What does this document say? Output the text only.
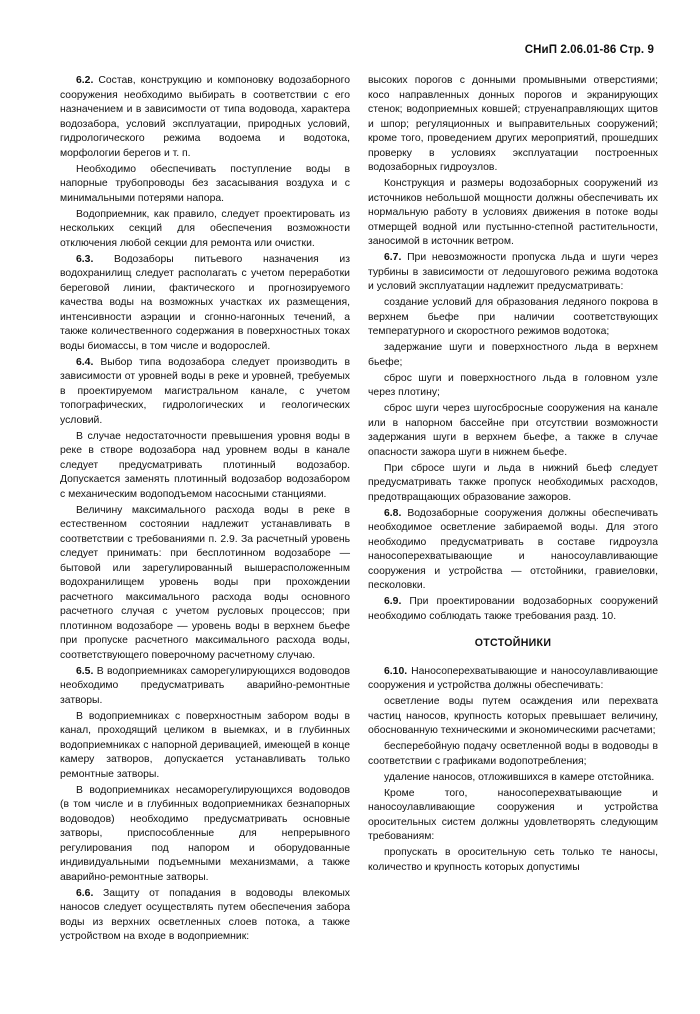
СНиП 2.06.01-86 Стр. 9

6.2. Состав, конструкцию и компоновку водозаборного сооружения необходимо выбирать в соответствии с его назначением и в зависимости от типа водовода, характера водозабора, условий эксплуатации, природных условий, гидрологического режима водоема и водотока, морфологии берегов и т. п.

Необходимо обеспечивать поступление воды в напорные трубопроводы без засасывания воздуха и с минимальными потерями напора.

Водоприемник, как правило, следует проектировать из нескольких секций для обеспечения возможности отключения любой секции для ремонта или очистки.

6.3. Водозаборы питьевого назначения из водохранилищ следует располагать с учетом переработки береговой линии, фактического и прогнозируемого качества воды на возможных участках их размещения, интенсивности аэрации и сгонно-нагонных течений, а также количественного содержания в поверхностных токах воды биомассы, в том числе и водорослей.

6.4. Выбор типа водозабора следует производить в зависимости от уровней воды в реке и уровней, требуемых в проектируемом магистральном канале, с учетом топографических, гидрологических и геологических условий.

В случае недостаточности превышения уровня воды в реке в створе водозабора над уровнем воды в канале следует предусматривать плотинный водозабор. Допускается заменять плотинный водозабор водозабором с механическим водоподъемом насосными станциями.

Величину максимального расхода воды в реке в естественном состоянии надлежит устанавливать в соответствии с требованиями п. 2.9. За расчетный уровень следует принимать: при бесплотинном водозаборе — бытовой или зарегулированный вышерасположенным водохранилищем уровень воды при прохождении расчетного максимального расхода воды основного расчетного случая с учетом русловых процессов; при плотинном водозаборе — уровень воды в верхнем бьефе при пропуске расчетного максимального расхода воды, соответствующего поверочному расчетному случаю.

6.5. В водоприемниках саморегулирующихся водоводов необходимо предусматривать аварийно-ремонтные затворы.

В водоприемниках с поверхностным забором воды в канал, проходящий целиком в выемках, и в глубинных водоприемниках с напорной деривацией, имеющей в конце камеру затворов, допускается устанавливать только ремонтные затворы.

В водоприемниках несаморегулирующихся водоводов (в том числе и в глубинных водоприемниках безнапорных водоводов) необходимо предусматривать основные затворы, приспособленные для непрерывного регулирования под напором и оборудованные индивидуальными подъемными механизмами, а также аварийно-ремонтные затворы.

6.6. Защиту от попадания в водоводы влекомых наносов следует осуществлять путем обеспечения забора воды из верхних осветленных слоев потока, а также устройством на входе в водоприемник:

высоких порогов с донными промывными отверстиями; косо направленных донных порогов и экранирующих стенок; водоприемных ковшей; струенаправляющих щитов и шпор; регуляционных и выправительных сооружений; кроме того, проведением других мероприятий, прошедших проверку в условиях эксплуатации построенных водозаборных гидроузлов.

Конструкция и размеры водозаборных сооружений из источников небольшой мощности должны обеспечивать их нормальную работу в условиях движения в потоке воды отмерщей водной или пустынно-степной растительности, заносимой в источник ветром.

6.7. При невозможности пропуска льда и шуги через турбины в зависимости от ледошугового режима водотока и условий эксплуатации надлежит предусматривать:

создание условий для образования ледяного покрова в верхнем бьефе при наличии соответствующих температурного и скоростного режимов водотока;

задержание шуги и поверхностного льда в верхнем бьефе;

сброс шуги и поверхностного льда в головном узле через плотину;

сброс шуги через шугосбросные сооружения на канале или в напорном бассейне при отсутствии возможности задержания шуги в верхнем бьефе, а также в случае опасности зажора шуги в нижнем бьефе.

При сбросе шуги и льда в нижний бьеф следует предусматривать также пропуск необходимых расходов, предотвращающих образование зажоров.

6.8. Водозаборные сооружения должны обеспечивать необходимое осветление забираемой воды. Для этого необходимо предусматривать в составе гидроузла наносоперехватывающие и наносоулавливающие сооружения и устройства — отстойники, гравиеловки, песколовки.

6.9. При проектировании водозаборных сооружений необходимо соблюдать также требования разд. 10.

ОТСТОЙНИКИ

6.10. Наносоперехватывающие и наносоулавливающие сооружения и устройства должны обеспечивать:

осветление воды путем осаждения или перехвата частиц наносов, крупность которых превышает величину, обоснованную техническими и экономическими расчетами;

бесперебойную подачу осветленной воды в водоводы в соответствии с графиками водопотребления;

удаление наносов, отложившихся в камере отстойника.

Кроме того, наносоперехватывающие и наносоулавливающие сооружения и устройства оросительных систем должны удовлетворять следующим требованиям:

пропускать в оросительную сеть только те наносы, количество и крупность которых допустимы
